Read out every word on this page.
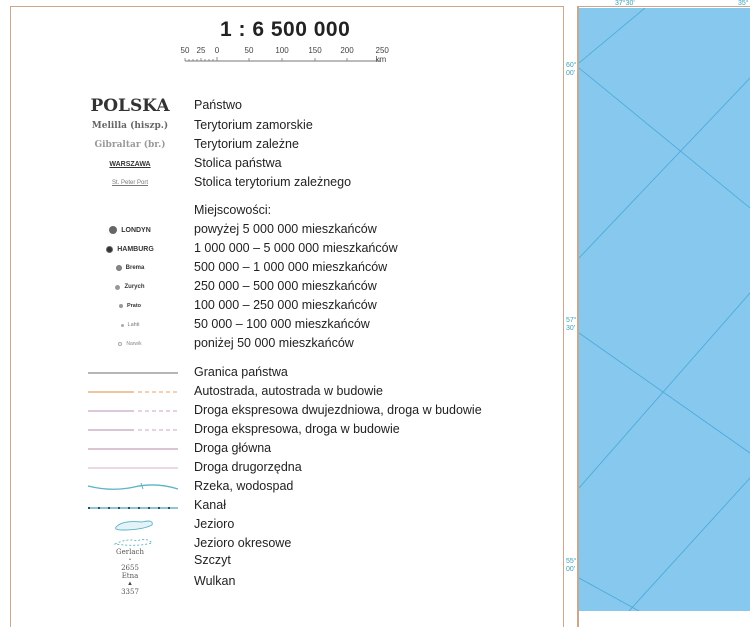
1 : 6 500 000
50 25 0	50	100 150 200	250 km
POLSKA Państwo
Melilla (hiszp.) Terytorium zamorskie
Gibraltar (br.) Terytorium zależne
WARSZAWA	Stolica państwa
St. Peter Port	Stolica terytorium zależnego
Miejscowości:
LONDYN	powyżej 5 000 000 mieszkańców
HAMBURG	1 000 000 – 5 000 000 mieszkańców
Brema	500 000 – 1 000 000 mieszkańców
Zurych	250 000 – 500 000 mieszkańców
Prato	100 000 – 250 000 mieszkańców
Lahti	50 000 – 100 000 mieszkańców
Narwik	poniżej 50 000 mieszkańców
Granica państwa
Autostrada, autostrada w budowie
Droga ekspresowa dwujezdniowa, droga w budowie
Droga ekspresowa, droga w budowie
Droga główna
Droga drugorzędna
Rzeka, wodospad
Kanał
Jezioro
Jezioro okresowe
Gerlach
•
2655
Szczyt
Etna
▲
3357
Wulkan
37°30'	35°
60°
00'
57°
30'
55°
00'
